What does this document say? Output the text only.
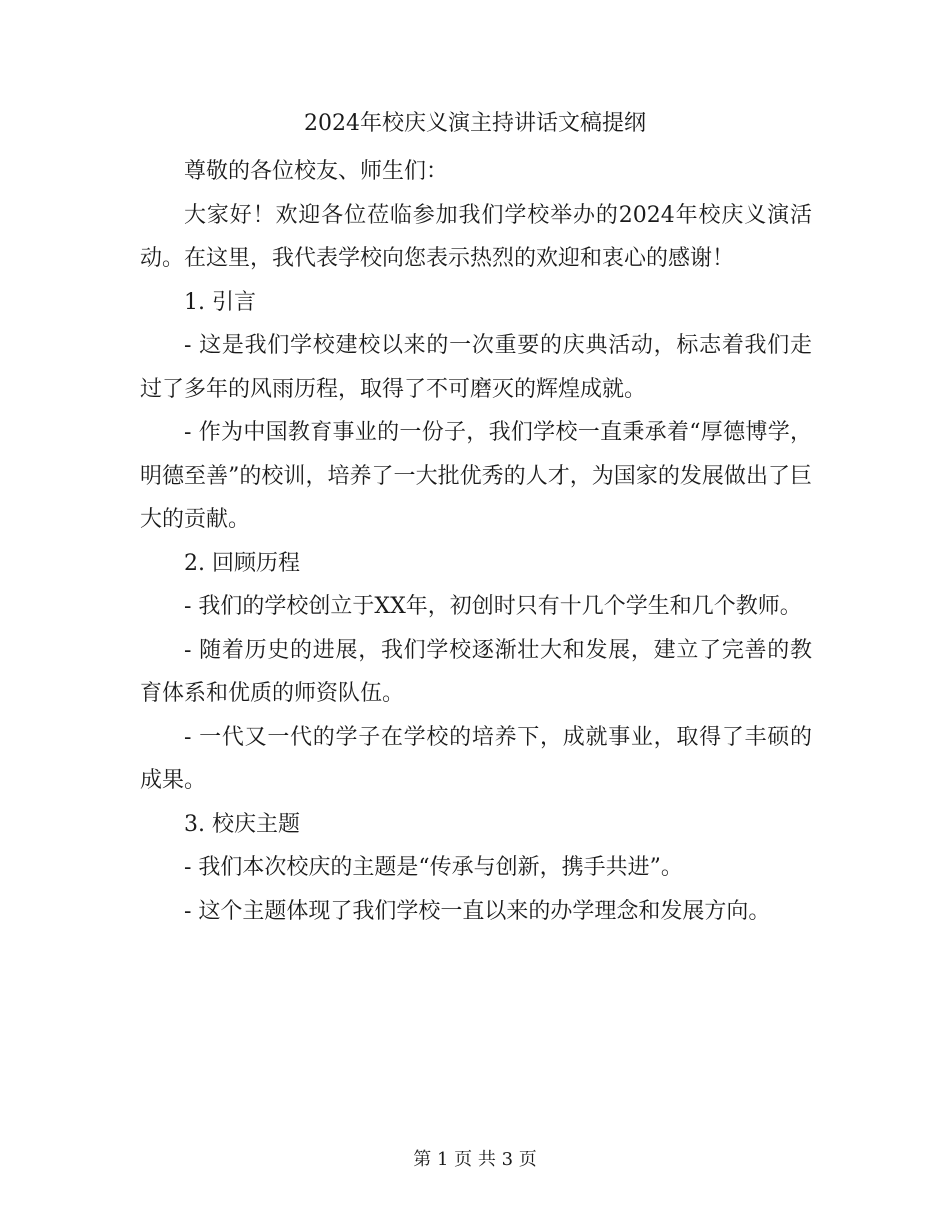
2024年校庆义演主持讲话文稿提纲

尊敬的各位校友、师生们：

大家好！欢迎各位莅临参加我们学校举办的2024年校庆义演活动。在这里，我代表学校向您表示热烈的欢迎和衷心的感谢！

1. 引言

- 这是我们学校建校以来的一次重要的庆典活动，标志着我们走过了多年的风雨历程，取得了不可磨灭的辉煌成就。

- 作为中国教育事业的一份子，我们学校一直秉承着“厚德博学，明德至善”的校训，培养了一大批优秀的人才，为国家的发展做出了巨大的贡献。

2. 回顾历程

- 我们的学校创立于XX年，初创时只有十几个学生和几个教师。

- 随着历史的进展，我们学校逐渐壮大和发展，建立了完善的教育体系和优质的师资队伍。

- 一代又一代的学子在学校的培养下，成就事业，取得了丰硕的成果。

3. 校庆主题

- 我们本次校庆的主题是“传承与创新，携手共进”。

- 这个主题体现了我们学校一直以来的办学理念和发展方向。

第 1 页 共 3 页
